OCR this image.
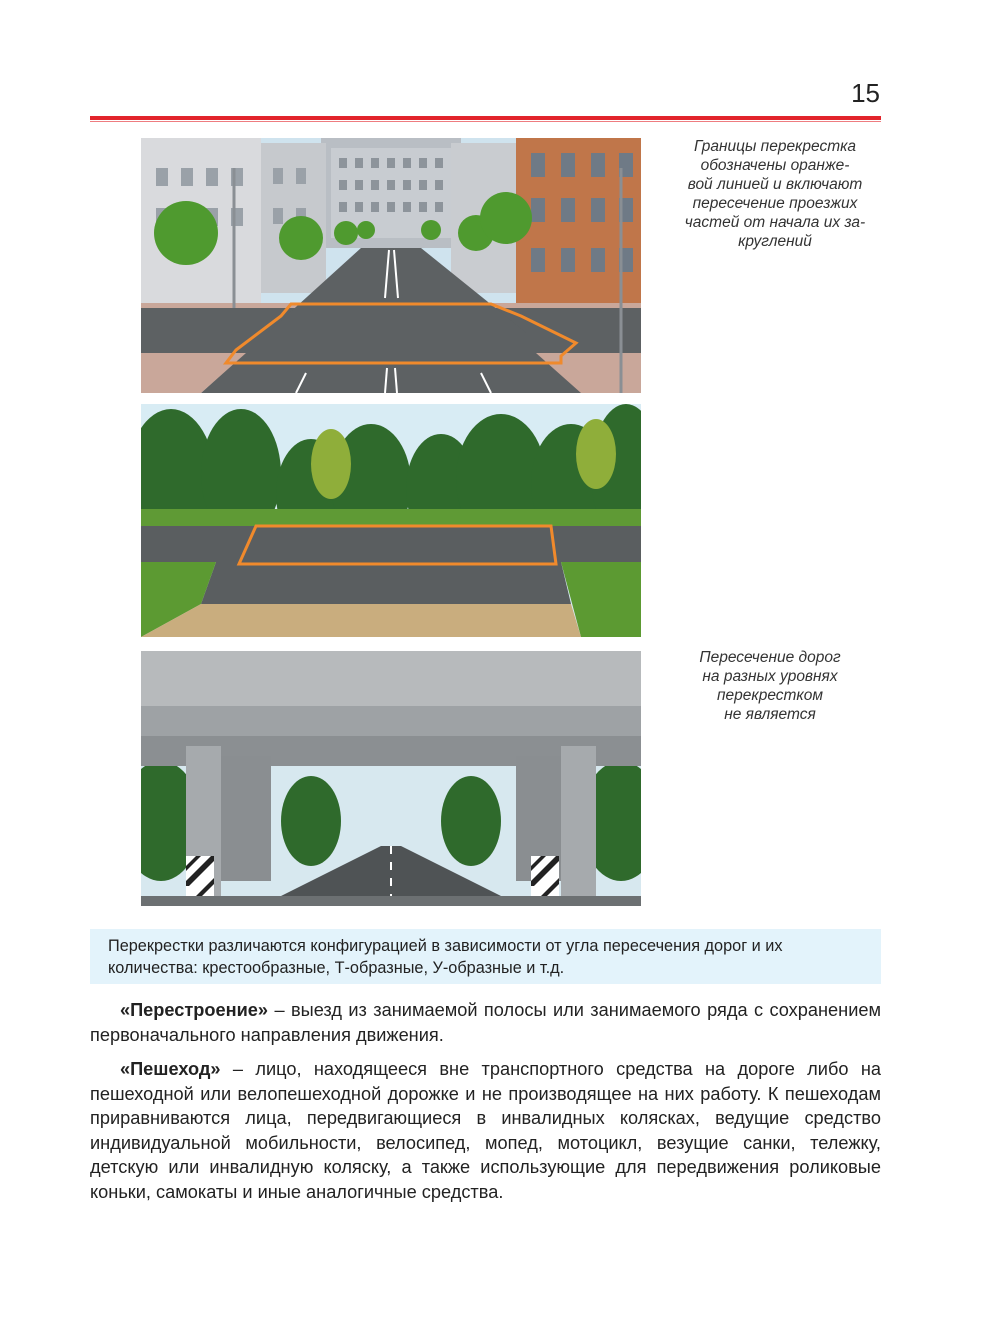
15
Границы перекрестка
обозначены оранже-
вой линией и включают
пересечение проезжих
частей от начала их за-
круглений
Пересечение дорог
на разных уровнях
перекрестком
не является
Перекрестки различаются конфигурацией в зависимости от угла пересечения дорог и их количества: крестообразные, Т-образные, У-образные и т.д.
«Перестроение» – выезд из занимаемой полосы или занимаемого ряда с сохранением первоначального направления движения.
«Пешеход» – лицо, находящееся вне транспортного средства на дороге либо на пешеходной или велопешеходной дорожке и не производящее на них работу. К пешеходам приравниваются лица, передвигающиеся в инвалидных колясках, ведущие средство индивидуальной мобильности, велосипед, мопед, мотоцикл, везущие санки, тележку, детскую или инвалидную коляску, а также использующие для передвижения роликовые коньки, самокаты и иные аналогичные средства.
